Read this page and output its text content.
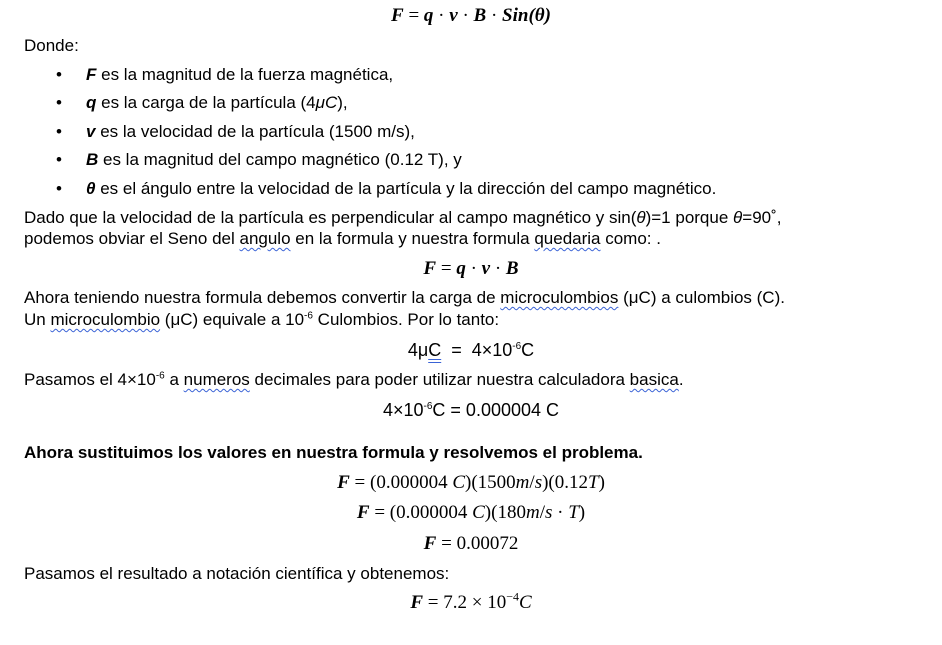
F = q · v · B · Sin(θ)
Donde:
• F es la magnitud de la fuerza magnética,
• q es la carga de la partícula (4μC),
• v es la velocidad de la partícula (1500 m/s),
• B es la magnitud del campo magnético (0.12 T), y
• θ es el ángulo entre la velocidad de la partícula y la dirección del campo magnético.
Dado que la velocidad de la partícula es perpendicular al campo magnético y sin(θ)=1 porque θ=90˚,
podemos obviar el Seno del angulo en la formula y nuestra formula quedaria como: .
F = q · v · B
Ahora teniendo nuestra formula debemos convertir la carga de microculombios (μC) a culombios (C).
Un microculombio (μC) equivale a $10^{-6}$ Culombios. Por lo tanto:
$4\mu C = 4\times 10^{-6}C$
Pasamos el $4\times 10^{-6}$ a numeros decimales para poder utilizar nuestra calculadora basica.
$4\times 10^{-6}C = 0.000004$ C
Ahora sustituimos los valores en nuestra formula y resolvemos el problema.
F = (0.000004 C)(1500m/s)(0.12T)
F = (0.000004 C)(180m/s · T)
F = 0.00072
Pasamos el resultado a notación científica y obtenemos:
$F = 7.2 \times 10^{-4}C$
